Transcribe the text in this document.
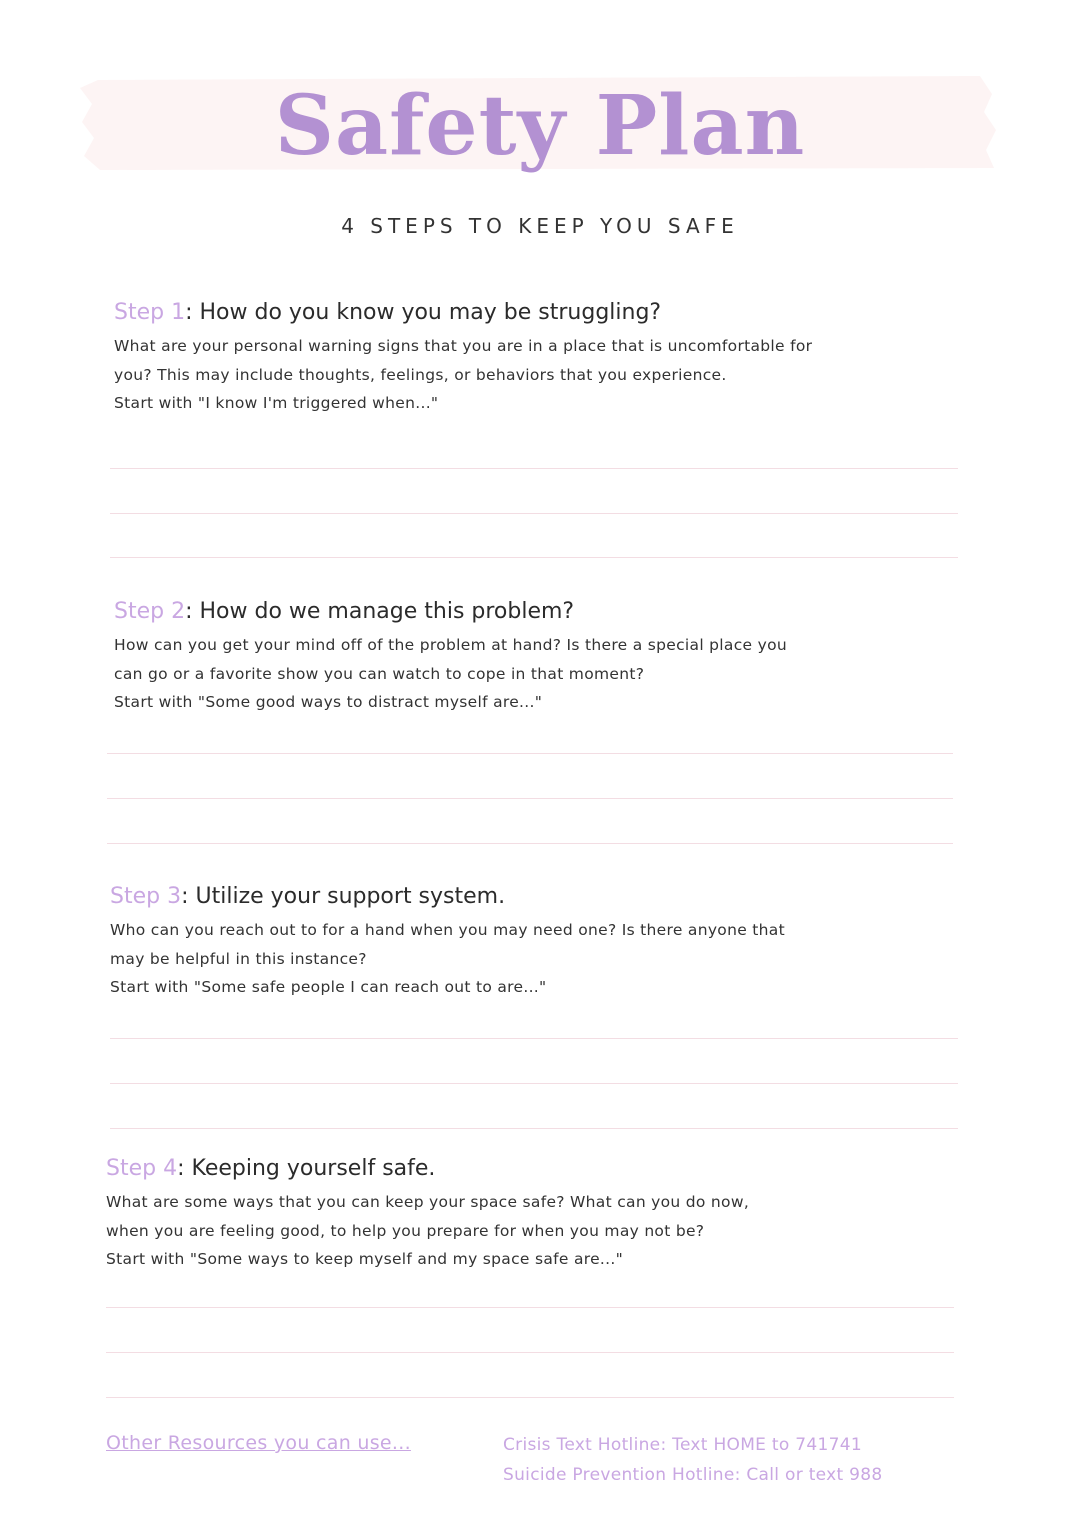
Safety Plan
4 STEPS TO KEEP YOU SAFE

Step 1: How do you know you may be struggling?

What are your personal warning signs that you are in a place that is uncomfortable for
you? This may include thoughts, feelings, or behaviors that you experience.
Start with "I know I'm triggered when..."

Step 2: How do we manage this problem?

How can you get your mind off of the problem at hand? Is there a special place you
can go or a favorite show you can watch to cope in that moment?
Start with "Some good ways to distract myself are..."

Step 3: Utilize your support system.

Who can you reach out to for a hand when you may need one? Is there anyone that
may be helpful in this instance?
Start with "Some safe people I can reach out to are..."

Step 4: Keeping yourself safe.

What are some ways that you can keep your space safe? What can you do now,
when you are feeling good, to help you prepare for when you may not be?
Start with "Some ways to keep myself and my space safe are..."

Other Resources you can use...	Crisis Text Hotline: Text HOME to 741741
Suicide Prevention Hotline: Call or text 988
